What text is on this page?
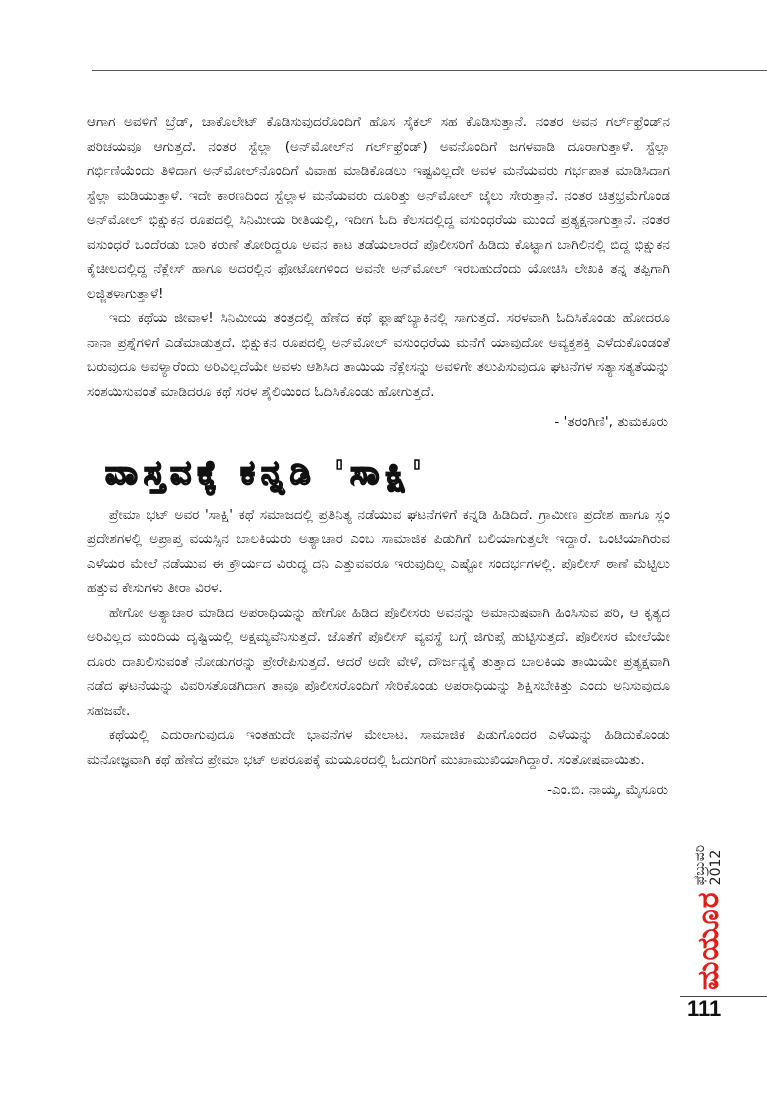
ಆಗಾಗ ಅವಳಿಗೆ ಬ್ರೆಡ್, ಚಾಕೊಲೇಟ್ ಕೊಡಿಸುವುದರೊಂದಿಗೆ ಹೊಸ ಸೈಕಲ್ ಸಹ ಕೊಡಿಸುತ್ತಾನೆ. ನಂತರ ಅವನ ಗರ್ಲ್‌ಫ್ರೆಂಡ್‌ನ ಪರಿಚಯವೂ ಆಗುತ್ತದೆ. ನಂತರ ಸ್ಟೆಲ್ಲಾ (ಅನ್‌ಮೋಲ್‌ನ ಗರ್ಲ್‌ಫ್ರೆಂಡ್) ಅವನೊಂದಿಗೆ ಜಗಳವಾಡಿ ದೂರಾಗುತ್ತಾಳೆ. ಸ್ಟೆಲ್ಲಾ ಗರ್ಭಿಣಿಯೆಂದು ತಿಳಿದಾಗ ಅನ್‌ಮೋಲ್‌ನೊಂದಿಗೆ ವಿವಾಹ ಮಾಡಿಕೊಡಲು ಇಷ್ಟವಿಲ್ಲದೇ ಅವಳ ಮನೆಯವರು ಗರ್ಭಪಾತ ಮಾಡಿಸಿದಾಗ ಸ್ಟೆಲ್ಲಾ ಮಡಿಯುತ್ತಾಳೆ. ಇದೇ ಕಾರಣದಿಂದ ಸ್ಟೆಲ್ಲಾಳ ಮನೆಯವರು ದೂರಿತ್ತು ಅನ್‌ಮೋಲ್ ಜೈಲು ಸೇರುತ್ತಾನೆ. ನಂತರ ಚಿತ್ರಭ್ರಮೆಗೊಂಡ ಅನ್‌ಮೋಲ್ ಭಿಕ್ಷುಕನ ರೂಪದಲ್ಲಿ ಸಿನಿಮೀಯ ರೀತಿಯಲ್ಲಿ, ಇದೀಗ ಓದಿ ಕೆಲಸದಲ್ಲಿದ್ದ ವಸುಂಧರೆಯ ಮುಂದೆ ಪ್ರತ್ಯಕ್ಷನಾಗುತ್ತಾನೆ. ನಂತರ ವಸುಂಧರೆ ಒಂದೆರಡು ಬಾರಿ ಕರುಣೆ ತೋರಿದ್ದರೂ ಅವನ ಕಾಟ ತಡೆಯಲಾರದೆ ಪೊಲೀಸರಿಗೆ ಹಿಡಿದು ಕೊಟ್ಟಾಗ ಬಾಗಿಲಿನಲ್ಲಿ ಬಿದ್ದ ಭಿಕ್ಷುಕನ ಕೈಚೀಲದಲ್ಲಿದ್ದ ನೆಕ್ಲೇಸ್ ಹಾಗೂ ಅದರಲ್ಲಿನ ಫೋಟೋಗಳಿಂದ ಅವನೇ ಅನ್‌ಮೋಲ್ ಇರಬಹುದೆಂದು ಯೋಚಿಸಿ ಲೇಖಕಿ ತನ್ನ ತಪ್ಪಿಗಾಗಿ ಲಜ್ಜಿತಳಾಗುತ್ತಾಳೆ!

ಇದು ಕಥೆಯ ಜೀವಾಳ! ಸಿನಿಮೀಯ ತಂತ್ರದಲ್ಲಿ ಹೆಣೆದ ಕಥೆ ಫ್ಲಾಷ್‌ಬ್ಯಾಕಿನಲ್ಲಿ ಸಾಗುತ್ತದೆ. ಸರಳವಾಗಿ ಓದಿಸಿಕೊಂಡು ಹೋದರೂ ನಾನಾ ಪ್ರಶ್ನೆಗಳಿಗೆ ಎಡೆಮಾಡುತ್ತದೆ. ಭಿಕ್ಷುಕನ ರೂಪದಲ್ಲಿ ಅನ್‌ಮೋಲ್ ವಸುಂಧರೆಯ ಮನೆಗೆ ಯಾವುದೋ ಅವ್ಯಕ್ತಶಕ್ತಿ ಎಳೆದುಕೊಂಡಂತೆ ಬರುವುದೂ ಅವಳ್ಯಾರೆಂದು ಅರಿವಿಲ್ಲದೆಯೇ ಅವಳು ಆಶಿಸಿದ ತಾಯಿಯ ನೆಕ್ಲೇಸನ್ನು ಅವಳಿಗೇ ತಲುಪಿಸುವುದೂ ಘಟನೆಗಳ ಸತ್ಯಾಸತ್ಯತೆಯನ್ನು ಸಂಶಯಿಸುವಂತೆ ಮಾಡಿದರೂ ಕಥೆ ಸರಳ ಶೈಲಿಯಿಂದ ಓದಿಸಿಕೊಂಡು ಹೋಗುತ್ತದೆ.

- 'ತರಂಗಿಣಿ', ತುಮಕೂರು

ವಾಸ್ತವಕ್ಕೆ ಕನ್ನಡಿ 'ಸಾಕ್ಷಿ'

ಪ್ರೇಮಾ ಭಟ್ ಅವರ 'ಸಾಕ್ಷಿ' ಕಥೆ ಸಮಾಜದಲ್ಲಿ ಪ್ರತಿನಿತ್ಯ ನಡೆಯುವ ಘಟನೆಗಳಿಗೆ ಕನ್ನಡಿ ಹಿಡಿದಿದೆ. ಗ್ರಾಮೀಣ ಪ್ರದೇಶ ಹಾಗೂ ಸ್ಲಂ ಪ್ರದೇಶಗಳಲ್ಲಿ ಅಪ್ರಾಪ್ತ ವಯಸ್ಸಿನ ಬಾಲಕಿಯರು ಅತ್ಯಾಚಾರ ಎಂಬ ಸಾಮಾಜಿಕ ಪಿಡುಗಿಗೆ ಬಲಿಯಾಗುತ್ತಲೇ ಇದ್ದಾರೆ. ಒಂಟಿಯಾಗಿರುವ ಎಳೆಯರ ಮೇಲೆ ನಡೆಯುವ ಈ ಕ್ರೌರ್ಯದ ವಿರುದ್ಧ ದನಿ ಎತ್ತುವವರೂ ಇರುವುದಿಲ್ಲ ಎಷ್ಟೋ ಸಂದರ್ಭಗಳಲ್ಲಿ. ಪೊಲೀಸ್ ಠಾಣೆ ಮೆಟ್ಟಿಲು ಹತ್ತುವ ಕೇಸುಗಳು ತೀರಾ ವಿರಳ.

ಹೇಗೋ ಅತ್ಯಾಚಾರ ಮಾಡಿದ ಅಪರಾಧಿಯನ್ನು ಹೇಗೋ ಹಿಡಿದ ಪೊಲೀಸರು ಅವನನ್ನು ಅಮಾನುಷವಾಗಿ ಹಿಂಸಿಸುವ ಪರಿ, ಆ ಕೃತ್ಯದ ಅರಿವಿಲ್ಲದ ಮಂದಿಯ ದೃಷ್ಟಿಯಲ್ಲಿ ಅಕ್ಷಮ್ಯವೆನಿಸುತ್ತದೆ. ಜೊತೆಗೆ ಪೊಲೀಸ್ ವ್ಯವಸ್ಥೆ ಬಗ್ಗೆ ಜಿಗುಪ್ಸೆ ಹುಟ್ಟಿಸುತ್ತದೆ. ಪೊಲೀಸರ ಮೇಲೆಯೇ ದೂರು ದಾಖಲಿಸುವಂತೆ ನೋಡುಗರನ್ನು ಪ್ರೇರೇಪಿಸುತ್ತದೆ. ಆದರೆ ಅದೇ ವೇಳೆ, ದೌರ್ಜನ್ಯಕ್ಕೆ ತುತ್ತಾದ ಬಾಲಕಿಯ ತಾಯಿಯೇ ಪ್ರತ್ಯಕ್ಷವಾಗಿ ನಡೆದ ಘಟನೆಯನ್ನು ವಿವರಿಸತೊಡಗಿದಾಗ ತಾವೂ ಪೊಲೀಸರೊಂದಿಗೆ ಸೇರಿಕೊಂಡು ಅಪರಾಧಿಯನ್ನು ಶಿಕ್ಷಿಸಬೇಕಿತ್ತು ಎಂದು ಅನಿಸುವುದೂ ಸಹಜವೇ.

ಕಥೆಯಲ್ಲಿ ಎದುರಾಗುವುದೂ ಇಂತಹುದೇ ಭಾವನೆಗಳ ಮೇಲಾಟ. ಸಾಮಾಜಿಕ ಪಿಡುಗೊಂದರ ಎಳೆಯನ್ನು ಹಿಡಿದುಕೊಂಡು ಮನೋಜ್ಞವಾಗಿ ಕಥೆ ಹೆಣೆದ ಪ್ರೇಮಾ ಭಟ್ ಅಪರೂಪಕ್ಕೆ ಮಯೂರದಲ್ಲಿ ಓದುಗರಿಗೆ ಮುಖಾಮುಖಿಯಾಗಿದ್ದಾರೆ. ಸಂತೋಷವಾಯಿತು.

-ಎಂ.ಬಿ. ನಾಯ್ಕ, ಮೈಸೂರು

ಮಯೂರ
ಫೆಬ್ರುವರಿ 2012
111
